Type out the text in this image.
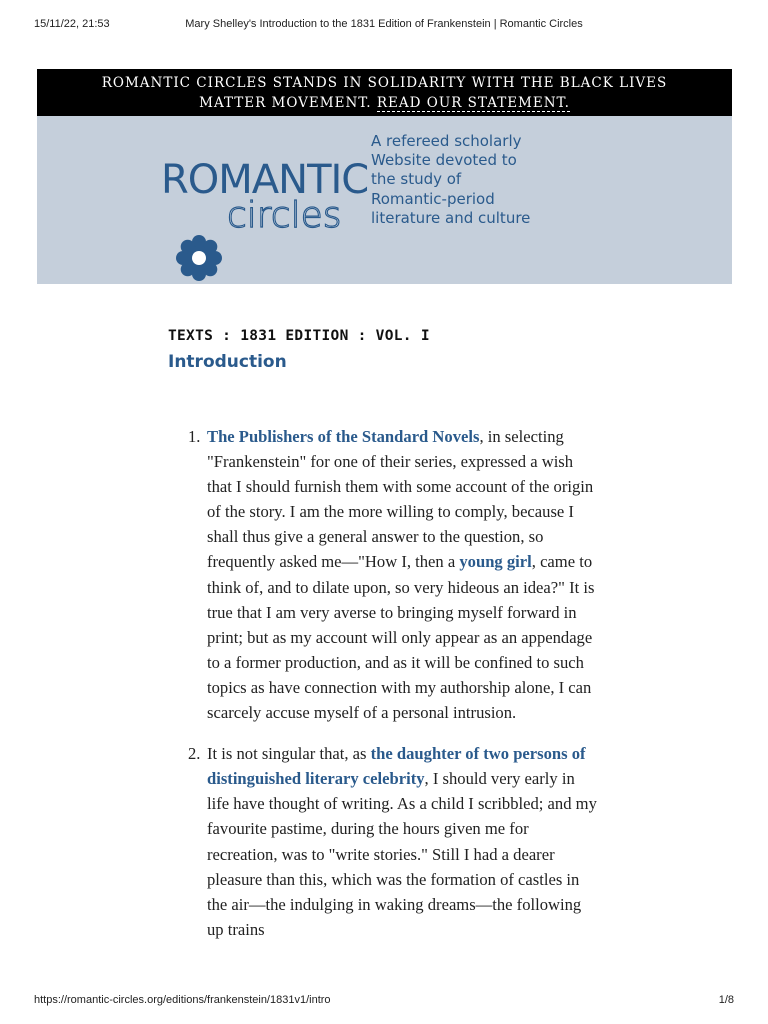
15/11/22, 21:53	Mary Shelley's Introduction to the 1831 Edition of Frankenstein | Romantic Circles
ROMANTIC CIRCLES STANDS IN SOLIDARITY WITH THE BLACK LIVES
MATTER MOVEMENT. READ OUR STATEMENT.
ROMANTIC
circles
A refereed scholarly Website devoted to the study of Romantic-period literature and culture
TEXTS : 1831 EDITION : VOL. I
Introduction
1. The Publishers of the Standard Novels, in selecting "Frankenstein" for one of their series, expressed a wish that I should furnish them with some account of the origin of the story. I am the more willing to comply, because I shall thus give a general answer to the question, so frequently asked me—"How I, then a young girl, came to think of, and to dilate upon, so very hideous an idea?" It is true that I am very averse to bringing myself forward in print; but as my account will only appear as an appendage to a former production, and as it will be confined to such topics as have connection with my authorship alone, I can scarcely accuse myself of a personal intrusion.
2. It is not singular that, as the daughter of two persons of distinguished literary celebrity, I should very early in life have thought of writing. As a child I scribbled; and my favourite pastime, during the hours given me for recreation, was to "write stories." Still I had a dearer pleasure than this, which was the formation of castles in the air—the indulging in waking dreams—the following up trains
https://romantic-circles.org/editions/frankenstein/1831v1/intro	1/8
